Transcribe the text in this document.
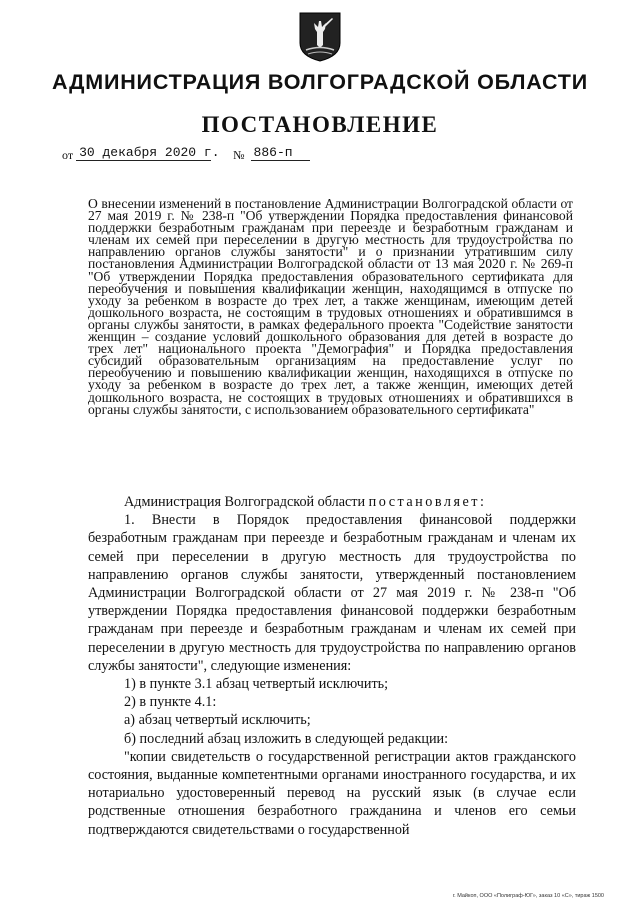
АДМИНИСТРАЦИЯ ВОЛГОГРАДСКОЙ ОБЛАСТИ
ПОСТАНОВЛЕНИЕ
от 30 декабря 2020 г. № 886-п
О внесении изменений в постановление Администрации Волгоградской области от 27 мая 2019 г. № 238-п "Об утверждении Порядка предоставления финансовой поддержки безработным гражданам при переезде и безработным гражданам и членам их семей при переселении в другую местность для трудоустройства по направлению органов службы занятости" и о признании утратившим силу постановления Администрации Волгоградской области от 13 мая 2020 г. № 269-п "Об утверждении Порядка предоставления образовательного сертификата для переобучения и повышения квалификации женщин, находящимся в отпуске по уходу за ребенком в возрасте до трех лет, а также женщинам, имеющим детей дошкольного возраста, не состоящим в трудовых отношениях и обратившимся в органы службы занятости, в рамках федерального проекта "Содействие занятости женщин – создание условий дошкольного образования для детей в возрасте до трех лет" национального проекта "Демография" и Порядка предоставления субсидий образовательным организациям на предоставление услуг по переобучению и повышению квалификации женщин, находящихся в отпуске по уходу за ребенком в возрасте до трех лет, а также женщин, имеющих детей дошкольного возраста, не состоящих в трудовых отношениях и обратившихся в органы службы занятости, с использованием образовательного сертификата"

Администрация Волгоградской области постановляет:

1. Внести в Порядок предоставления финансовой поддержки безработным гражданам при переезде и безработным гражданам и членам их семей при переселении в другую местность для трудоустройства по направлению органов службы занятости, утвержденный постановлением Администрации Волгоградской области от 27 мая 2019 г. № 238-п "Об утверждении Порядка предоставления финансовой поддержки безработным гражданам при переезде и безработным гражданам и членам их семей при переселении в другую местность для трудоустройства по направлению органов службы занятости", следующие изменения:

1) в пункте 3.1 абзац четвертый исключить;

2) в пункте 4.1:

а) абзац четвертый исключить;

б) последний абзац изложить в следующей редакции:

"копии свидетельств о государственной регистрации актов гражданского состояния, выданные компетентными органами иностранного государства, и их нотариально удостоверенный перевод на русский язык (в случае если родственные отношения безработного гражданина и членов его семьи подтверждаются свидетельствами о государственной

г. Майкоп, ООО «Полиграф-ЮГ», заказ 10 «С», тираж 1500
